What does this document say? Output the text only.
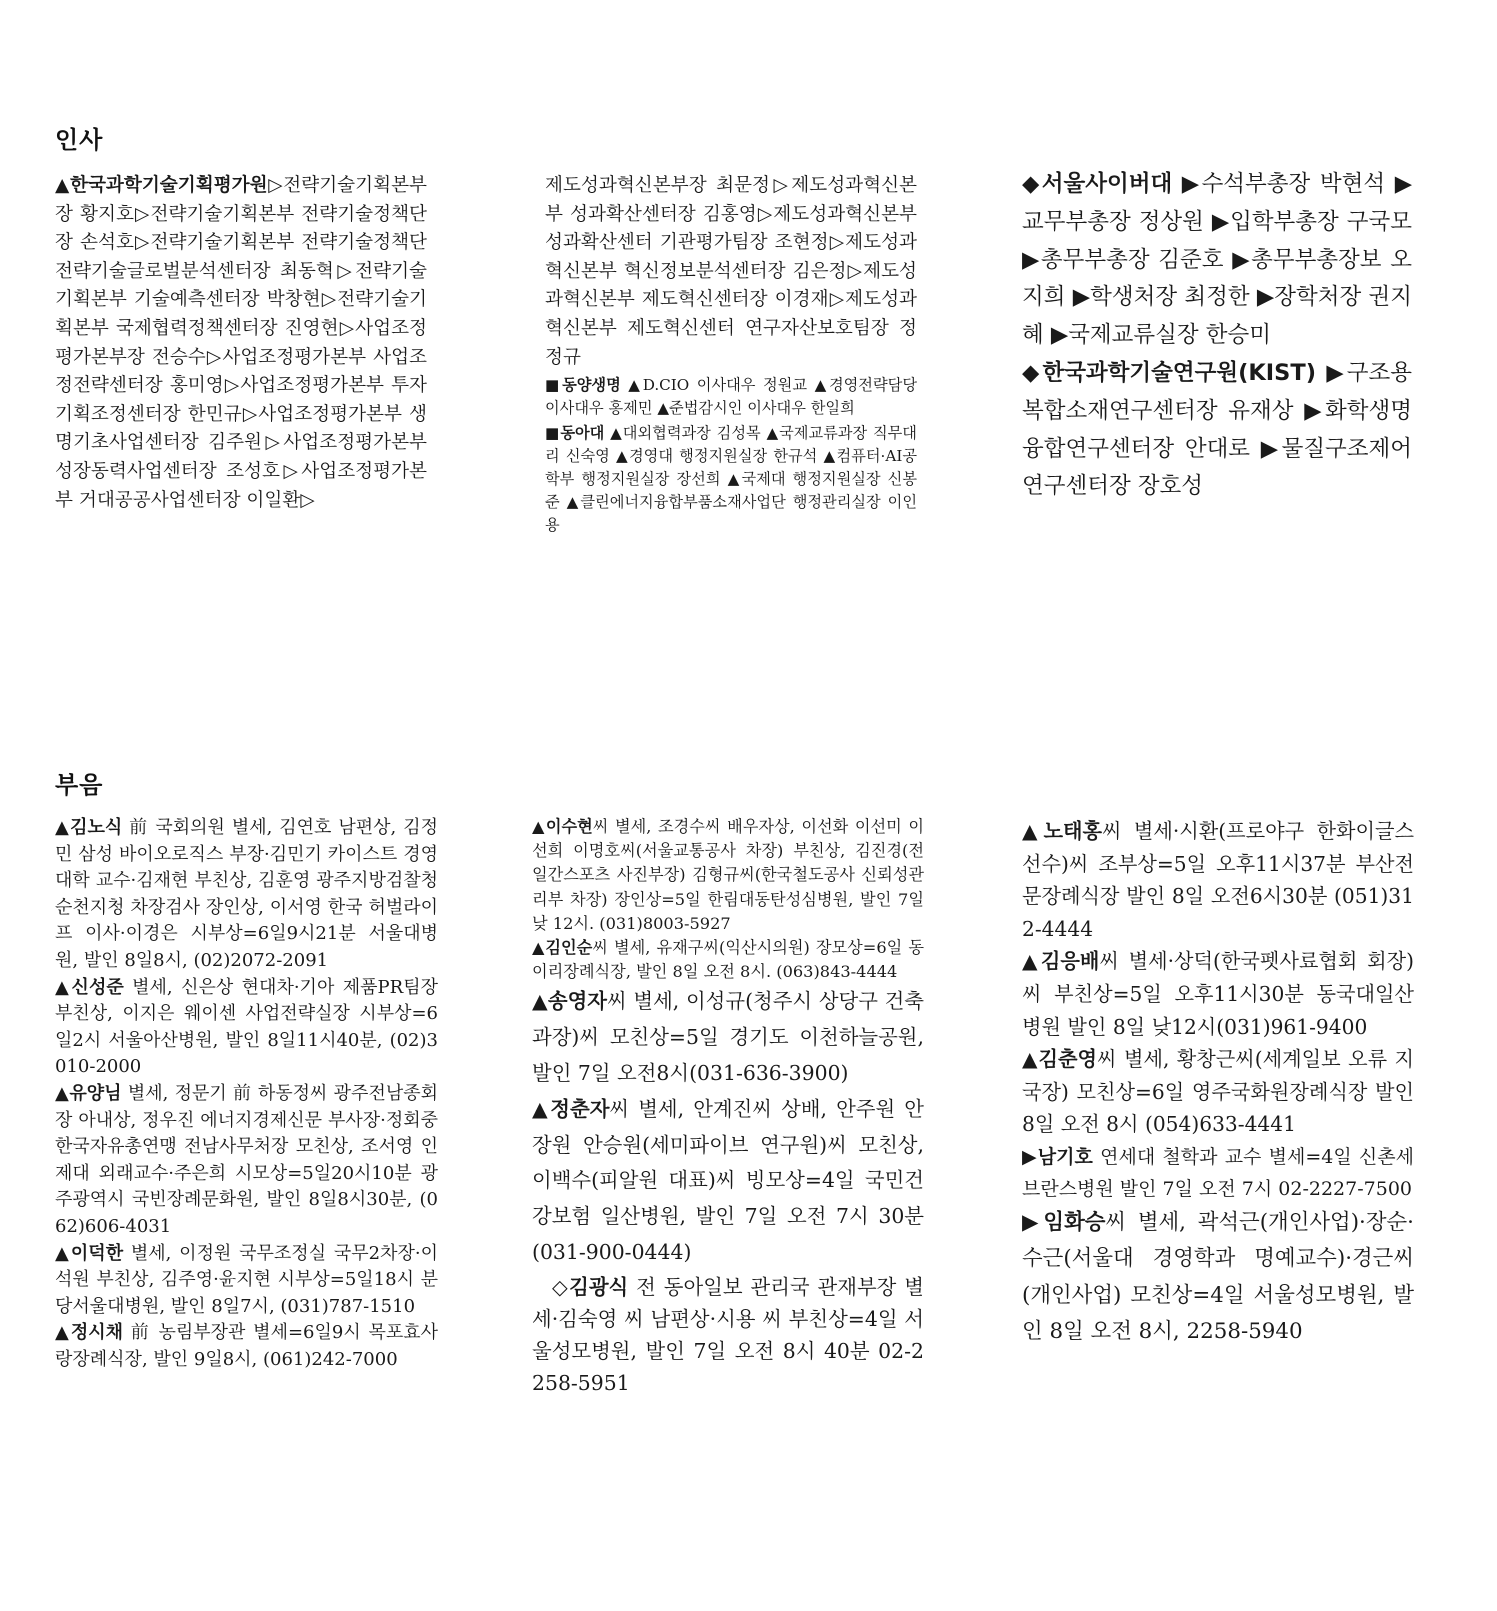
인사

▲한국과학기술기획평가원▷전략기술기획본부장 황지호▷전략기술기획본부 전략기술정책단장 손석호▷전략기술기획본부 전략기술정책단 전략기술글로벌분석센터장 최동혁▷전략기술기획본부 기술예측센터장 박창현▷전략기술기획본부 국제협력정책센터장 진영현▷사업조정평가본부장 전승수▷사업조정평가본부 사업조정전략센터장 홍미영▷사업조정평가본부 투자기획조정센터장 한민규▷사업조정평가본부 생명기초사업센터장 김주원▷사업조정평가본부 성장동력사업센터장 조성호▷사업조정평가본부 거대공공사업센터장 이일환▷

제도성과혁신본부장 최문정▷제도성과혁신본부 성과확산센터장 김홍영▷제도성과혁신본부 성과확산센터 기관평가팀장 조현정▷제도성과혁신본부 혁신정보분석센터장 김은정▷제도성과혁신본부 제도혁신센터장 이경재▷제도성과혁신본부 제도혁신센터 연구자산보호팀장 정정규

■동양생명 ▲D.CIO 이사대우 정원교 ▲경영전략담당 이사대우 홍제민 ▲준법감시인 이사대우 한일희

■동아대 ▲대외협력과장 김성목 ▲국제교류과장 직무대리 신숙영 ▲경영대 행정지원실장 한규석 ▲컴퓨터·AI공학부 행정지원실장 장선희 ▲국제대 행정지원실장 신봉준 ▲클린에너지융합부품소재사업단 행정관리실장 이인용

◆서울사이버대 ▶수석부총장 박현석 ▶교무부총장 정상원 ▶입학부총장 구국모 ▶총무부총장 김준호 ▶총무부총장보 오지희 ▶학생처장 최정한 ▶장학처장 권지혜 ▶국제교류실장 한승미

◆한국과학기술연구원(KIST) ▶구조용복합소재연구센터장 유재상 ▶화학생명융합연구센터장 안대로 ▶물질구조제어연구센터장 장호성

부음

▲김노식 前 국회의원 별세, 김연호 남편상, 김정민 삼성 바이오로직스 부장·김민기 카이스트 경영대학 교수·김재현 부친상, 김훈영 광주지방검찰청 순천지청 차장검사 장인상, 이서영 한국 허벌라이프 이사·이경은 시부상=6일9시21분 서울대병원, 발인 8일8시, (02)2072-2091

▲신성준 별세, 신은상 현대차·기아 제품PR팀장 부친상, 이지은 웨이센 사업전략실장 시부상=6일2시 서울아산병원, 발인 8일11시40분, (02)3010-2000

▲유양님 별세, 정문기 前 하동정씨 광주전남종회장 아내상, 정우진 에너지경제신문 부사장·정회중 한국자유총연맹 전남사무처장 모친상, 조서영 인제대 외래교수·주은희 시모상=5일20시10분 광주광역시 국빈장례문화원, 발인 8일8시30분, (062)606-4031

▲이덕한 별세, 이정원 국무조정실 국무2차장·이석원 부친상, 김주영·윤지현 시부상=5일18시 분당서울대병원, 발인 8일7시, (031)787-1510

▲정시채 前 농림부장관 별세=6일9시 목포효사랑장례식장, 발인 9일8시, (061)242-7000

▲이수현씨 별세, 조경수씨 배우자상, 이선화 이선미 이선희 이명호씨(서울교통공사 차장) 부친상, 김진경(전 일간스포츠 사진부장) 김형규씨(한국철도공사 신뢰성관리부 차장) 장인상=5일 한림대동탄성심병원, 발인 7일 낮 12시. (031)8003-5927

▲김인순씨 별세, 유재구씨(익산시의원) 장모상=6일 동이리장례식장, 발인 8일 오전 8시. (063)843-4444

▲송영자씨 별세, 이성규(청주시 상당구 건축과장)씨 모친상=5일 경기도 이천하늘공원, 발인 7일 오전8시(031-636-3900)

▲정춘자씨 별세, 안계진씨 상배, 안주원 안장원 안승원(세미파이브 연구원)씨 모친상, 이백수(피알원 대표)씨 빙모상=4일 국민건강보험 일산병원, 발인 7일 오전 7시 30분(031-900-0444)

◇김광식 전 동아일보 관리국 관재부장 별세·김숙영 씨 남편상·시용 씨 부친상=4일 서울성모병원, 발인 7일 오전 8시 40분 02-2258-5951

▲노태홍씨 별세·시환(프로야구 한화이글스 선수)씨 조부상=5일 오후11시37분 부산전문장례식장 발인 8일 오전6시30분 (051)312-4444

▲김응배씨 별세·상덕(한국펫사료협회 회장)씨 부친상=5일 오후11시30분 동국대일산병원 발인 8일 낮12시(031)961-9400

▲김춘영씨 별세, 황창근씨(세계일보 오류 지국장) 모친상=6일 영주국화원장례식장 발인 8일 오전 8시 (054)633-4441

▶남기호 연세대 철학과 교수 별세=4일 신촌세브란스병원 발인 7일 오전 7시 02-2227-7500

▶임화승씨 별세, 곽석근(개인사업)·장순·수근(서울대 경영학과 명예교수)·경근씨(개인사업) 모친상=4일 서울성모병원, 발인 8일 오전 8시, 2258-5940
